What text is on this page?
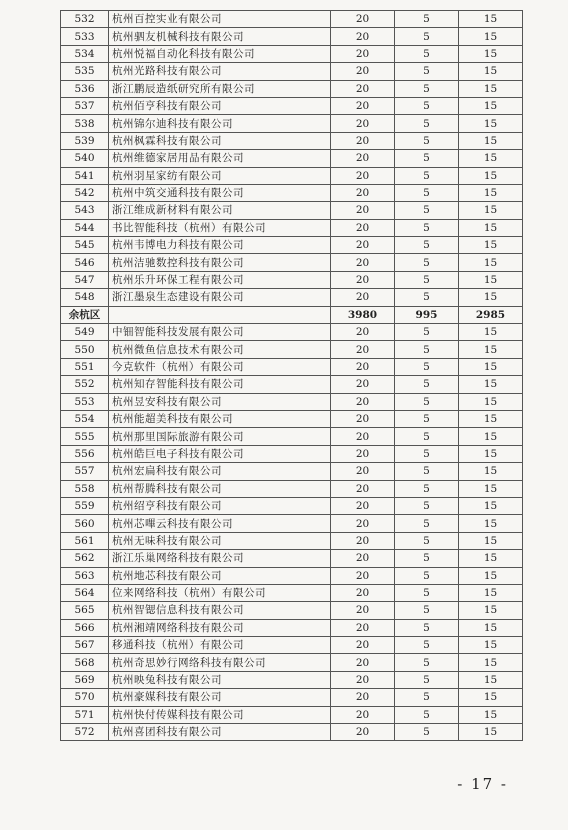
532	杭州百控实业有限公司	20	5	15
533	杭州驷友机械科技有限公司	20	5	15
534	杭州悦福自动化科技有限公司	20	5	15
535	杭州光路科技有限公司	20	5	15
536	浙江鹏辰造纸研究所有限公司	20	5	15
537	杭州佰亨科技有限公司	20	5	15
538	杭州锦尔迪科技有限公司	20	5	15
539	杭州枫霖科技有限公司	20	5	15
540	杭州维德家居用品有限公司	20	5	15
541	杭州羽星家纺有限公司	20	5	15
542	杭州中筑交通科技有限公司	20	5	15
543	浙江维成新材料有限公司	20	5	15
544	书比智能科技（杭州）有限公司	20	5	15
545	杭州韦博电力科技有限公司	20	5	15
546	杭州洁驰数控科技有限公司	20	5	15
547	杭州乐升环保工程有限公司	20	5	15
548	浙江墨泉生态建设有限公司	20	5	15
余杭区		3980	995	2985
549	中钿智能科技发展有限公司	20	5	15
550	杭州微鱼信息技术有限公司	20	5	15
551	今克软件（杭州）有限公司	20	5	15
552	杭州知存智能科技有限公司	20	5	15
553	杭州昱安科技有限公司	20	5	15
554	杭州能超美科技有限公司	20	5	15
555	杭州那里国际旅游有限公司	20	5	15
556	杭州皓巨电子科技有限公司	20	5	15
557	杭州宏扁科技有限公司	20	5	15
558	杭州帮腾科技有限公司	20	5	15
559	杭州绍亨科技有限公司	20	5	15
560	杭州芯嗶云科技有限公司	20	5	15
561	杭州无味科技有限公司	20	5	15
562	浙江乐巢网络科技有限公司	20	5	15
563	杭州地芯科技有限公司	20	5	15
564	位来网络科技（杭州）有限公司	20	5	15
565	杭州智锶信息科技有限公司	20	5	15
566	杭州湘靖网络科技有限公司	20	5	15
567	移通科技（杭州）有限公司	20	5	15
568	杭州奇思妙行网络科技有限公司	20	5	15
569	杭州映兔科技有限公司	20	5	15
570	杭州豪媒科技有限公司	20	5	15
571	杭州快付传媒科技有限公司	20	5	15
572	杭州喜团科技有限公司	20	5	15
- 17 -
